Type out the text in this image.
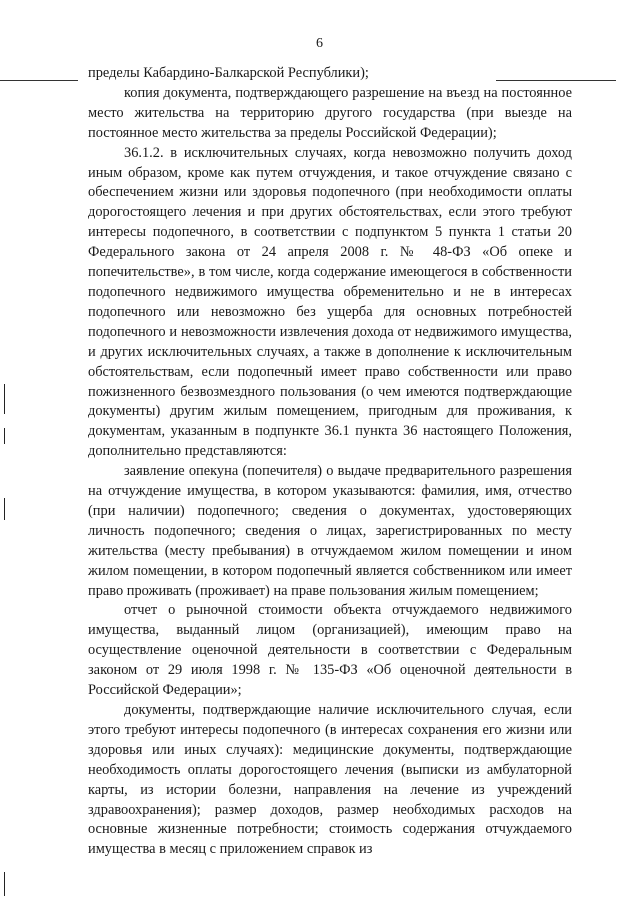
6

пределы Кабардино-Балкарской Республики);

копия документа, подтверждающего разрешение на въезд на постоянное место жительства на территорию другого государства (при выезде на постоянное место жительства за пределы Российской Федерации);

36.1.2. в исключительных случаях, когда невозможно получить доход иным образом, кроме как путем отчуждения, и такое отчуждение связано с обеспечением жизни или здоровья подопечного (при необходимости оплаты дорогостоящего лечения и при других обстоятельствах, если этого требуют интересы подопечного, в соответствии с подпунктом 5 пункта 1 статьи 20 Федерального закона от 24 апреля 2008 г. № 48-ФЗ «Об опеке и попечительстве», в том числе, когда содержание имеющегося в собственности подопечного недвижимого имущества обременительно и не в интересах подопечного или невозможно без ущерба для основных потребностей подопечного и невозможности извлечения дохода от недвижимого имущества, и других исключительных случаях, а также в дополнение к исключительным обстоятельствам, если подопечный имеет право собственности или право пожизненного безвозмездного пользования (о чем имеются подтверждающие документы) другим жилым помещением, пригодным для проживания, к документам, указанным в подпункте 36.1 пункта 36 настоящего Положения, дополнительно представляются:

заявление опекуна (попечителя) о выдаче предварительного разрешения на отчуждение имущества, в котором указываются: фамилия, имя, отчество (при наличии) подопечного; сведения о документах, удостоверяющих личность подопечного; сведения о лицах, зарегистрированных по месту жительства (месту пребывания) в отчуждаемом жилом помещении и ином жилом помещении, в котором подопечный является собственником или имеет право проживать (проживает) на праве пользования жилым помещением;

отчет о рыночной стоимости объекта отчуждаемого недвижимого имущества, выданный лицом (организацией), имеющим право на осуществление оценочной деятельности в соответствии с Федеральным законом от 29 июля 1998 г. № 135-ФЗ «Об оценочной деятельности в Российской Федерации»;

документы, подтверждающие наличие исключительного случая, если этого требуют интересы подопечного (в интересах сохранения его жизни или здоровья или иных случаях): медицинские документы, подтверждающие необходимость оплаты дорогостоящего лечения (выписки из амбулаторной карты, из истории болезни, направления на лечение из учреждений здравоохранения); размер доходов, размер необходимых расходов на основные жизненные потребности; стоимость содержания отчуждаемого имущества в месяц с приложением справок из
